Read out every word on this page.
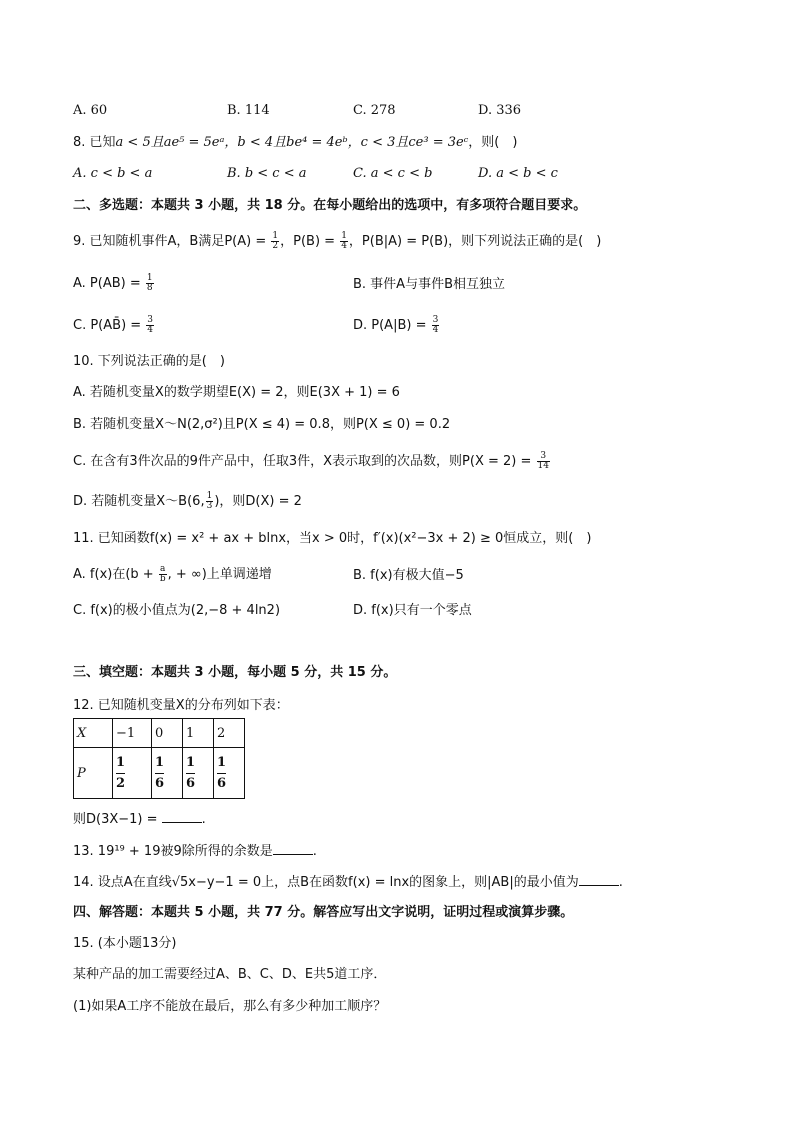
A. 60	B. 114	C. 278	D. 336
8. 已知a < 5且ae⁵ = 5eᵃ，b < 4且be⁴ = 4eᵇ，c < 3且ce³ = 3eᶜ，则(　)
A. c < b < a	B. b < c < a	C. a < c < b	D. a < b < c
二、多选题：本题共 3 小题，共 18 分。在每小题给出的选项中，有多项符合题目要求。
9. 已知随机事件A，B满足$P(A) = \frac{1}{2}$ ，$P(B) = \frac{1}{4}$ ，P(B|A) = P(B)，则下列说法正确的是(　)
A. $P(AB) = \frac{1}{8}$	B. 事件A与事件B相互独立
C. P(AB̄) = $\frac{3}{4}$	D. $P(A|B) = \frac{3}{4}$
10. 下列说法正确的是(　)
A. 若随机变量X的数学期望E(X) = 2，则E(3X + 1) = 6
B. 若随机变量X～N(2,σ²)且P(X ≤ 4) = 0.8，则P(X ≤ 0) = 0.2
C. 在含有3件次品的9件产品中，任取3件，X表示取到的次品数，则$P(X = 2) = \frac{3}{14}$
D. 若随机变量X～B(6, $\frac{1}{3}$ )，则D(X) = 2
11. 已知函数f(x) = x² + ax + blnx，当x > 0时，f′(x)(x²−3x + 2) ≥ 0恒成立，则(　)
A. f(x)在($b + \frac{a}{b}$ , + ∞)上单调递增	B. f(x)有极大值−5
C. f(x)的极小值点为(2,−8 + 4ln2)	D. f(x)只有一个零点
三、填空题：本题共 3 小题，每小题 5 分，共 15 分。
12. 已知随机变量X的分布列如下表：
X	−1	0	1	2
P	$\frac{1}{2}$	$\frac{1}{6}$	$\frac{1}{6}$	$\frac{1}{6}$
则D(3X−1) =	.
13. 19¹⁹ + 19被9除所得的余数是	.
14. 设点A在直线√5x−y−1 = 0上，点B在函数f(x) = lnx的图象上，则|AB|的最小值为	.
四、解答题：本题共 5 小题，共 77 分。解答应写出文字说明，证明过程或演算步骤。
15. (本小题13分)
某种产品的加工需要经过A、B、C、D、E共5道工序．
(1)如果A工序不能放在最后，那么有多少种加工顺序？
